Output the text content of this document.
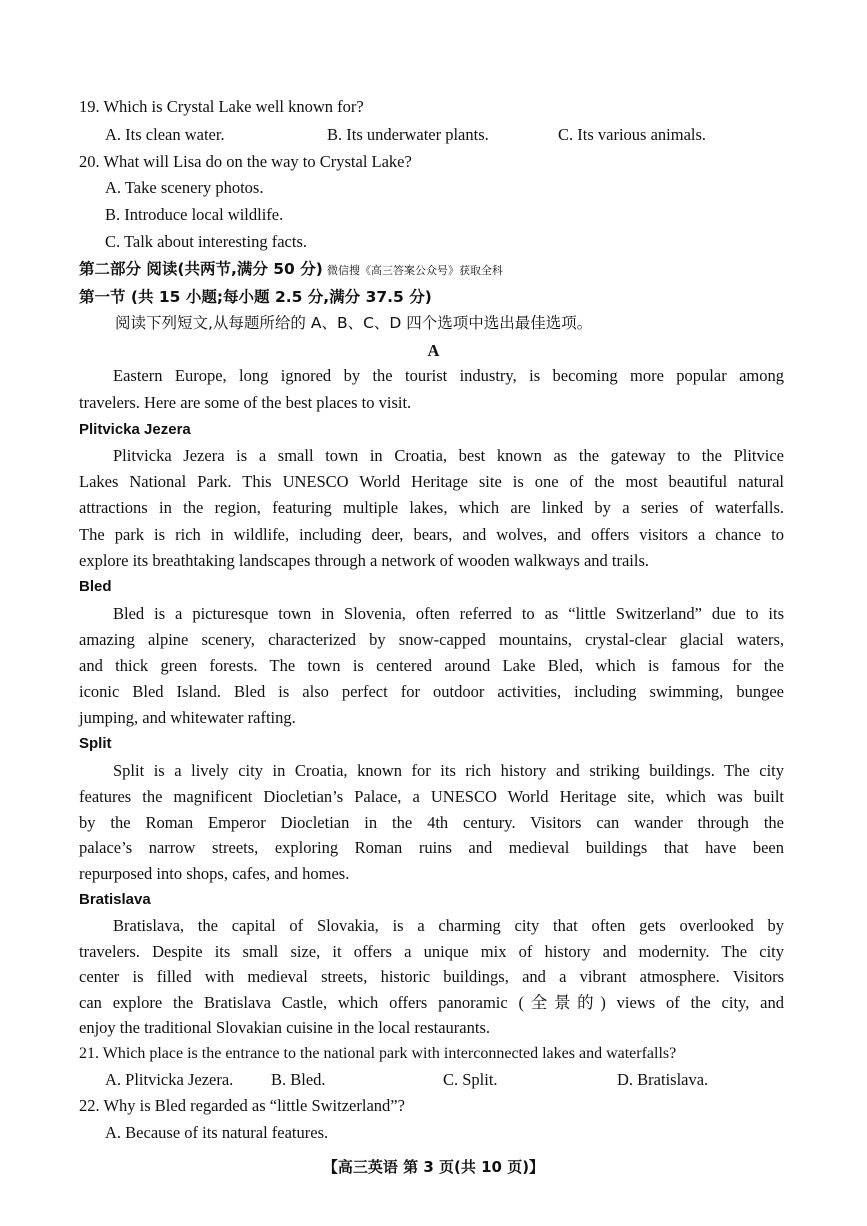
19. Which is Crystal Lake well known for?
A. Its clean water.	B. Its underwater plants.	C. Its various animals.
20. What will Lisa do on the way to Crystal Lake?
A. Take scenery photos.
B. Introduce local wildlife.
C. Talk about interesting facts.
第二部分 阅读(共两节,满分 50 分) 微信搜《高三答案公众号》获取全科
第一节 (共 15 小题;每小题 2.5 分,满分 37.5 分)
阅读下列短文,从每题所给的 A、B、C、D 四个选项中选出最佳选项。
A
Eastern Europe, long ignored by the tourist industry, is becoming more popular among
travelers. Here are some of the best places to visit.
Plitvicka Jezera
Plitvicka Jezera is a small town in Croatia, best known as the gateway to the Plitvice
Lakes National Park. This UNESCO World Heritage site is one of the most beautiful natural
attractions in the region, featuring multiple lakes, which are linked by a series of waterfalls.
The park is rich in wildlife, including deer, bears, and wolves, and offers visitors a chance to
explore its breathtaking landscapes through a network of wooden walkways and trails.
Bled
Bled is a picturesque town in Slovenia, often referred to as “little Switzerland” due to its
amazing alpine scenery, characterized by snow-capped mountains, crystal-clear glacial waters,
and thick green forests. The town is centered around Lake Bled, which is famous for the
iconic Bled Island. Bled is also perfect for outdoor activities, including swimming, bungee
jumping, and whitewater rafting.
Split
Split is a lively city in Croatia, known for its rich history and striking buildings. The city
features the magnificent Diocletian’s Palace, a UNESCO World Heritage site, which was built
by the Roman Emperor Diocletian in the 4th century. Visitors can wander through the
palace’s narrow streets, exploring Roman ruins and medieval buildings that have been
repurposed into shops, cafes, and homes.
Bratislava
Bratislava, the capital of Slovakia, is a charming city that often gets overlooked by
travelers. Despite its small size, it offers a unique mix of history and modernity. The city
center is filled with medieval streets, historic buildings, and a vibrant atmosphere. Visitors
can explore the Bratislava Castle, which offers panoramic (全景的) views of the city, and
enjoy the traditional Slovakian cuisine in the local restaurants.
21. Which place is the entrance to the national park with interconnected lakes and waterfalls?
A. Plitvicka Jezera. B. Bled.	C. Split.	D. Bratislava.
22. Why is Bled regarded as “little Switzerland”?
A. Because of its natural features.
【高三英语 第 3 页(共 10 页)】
